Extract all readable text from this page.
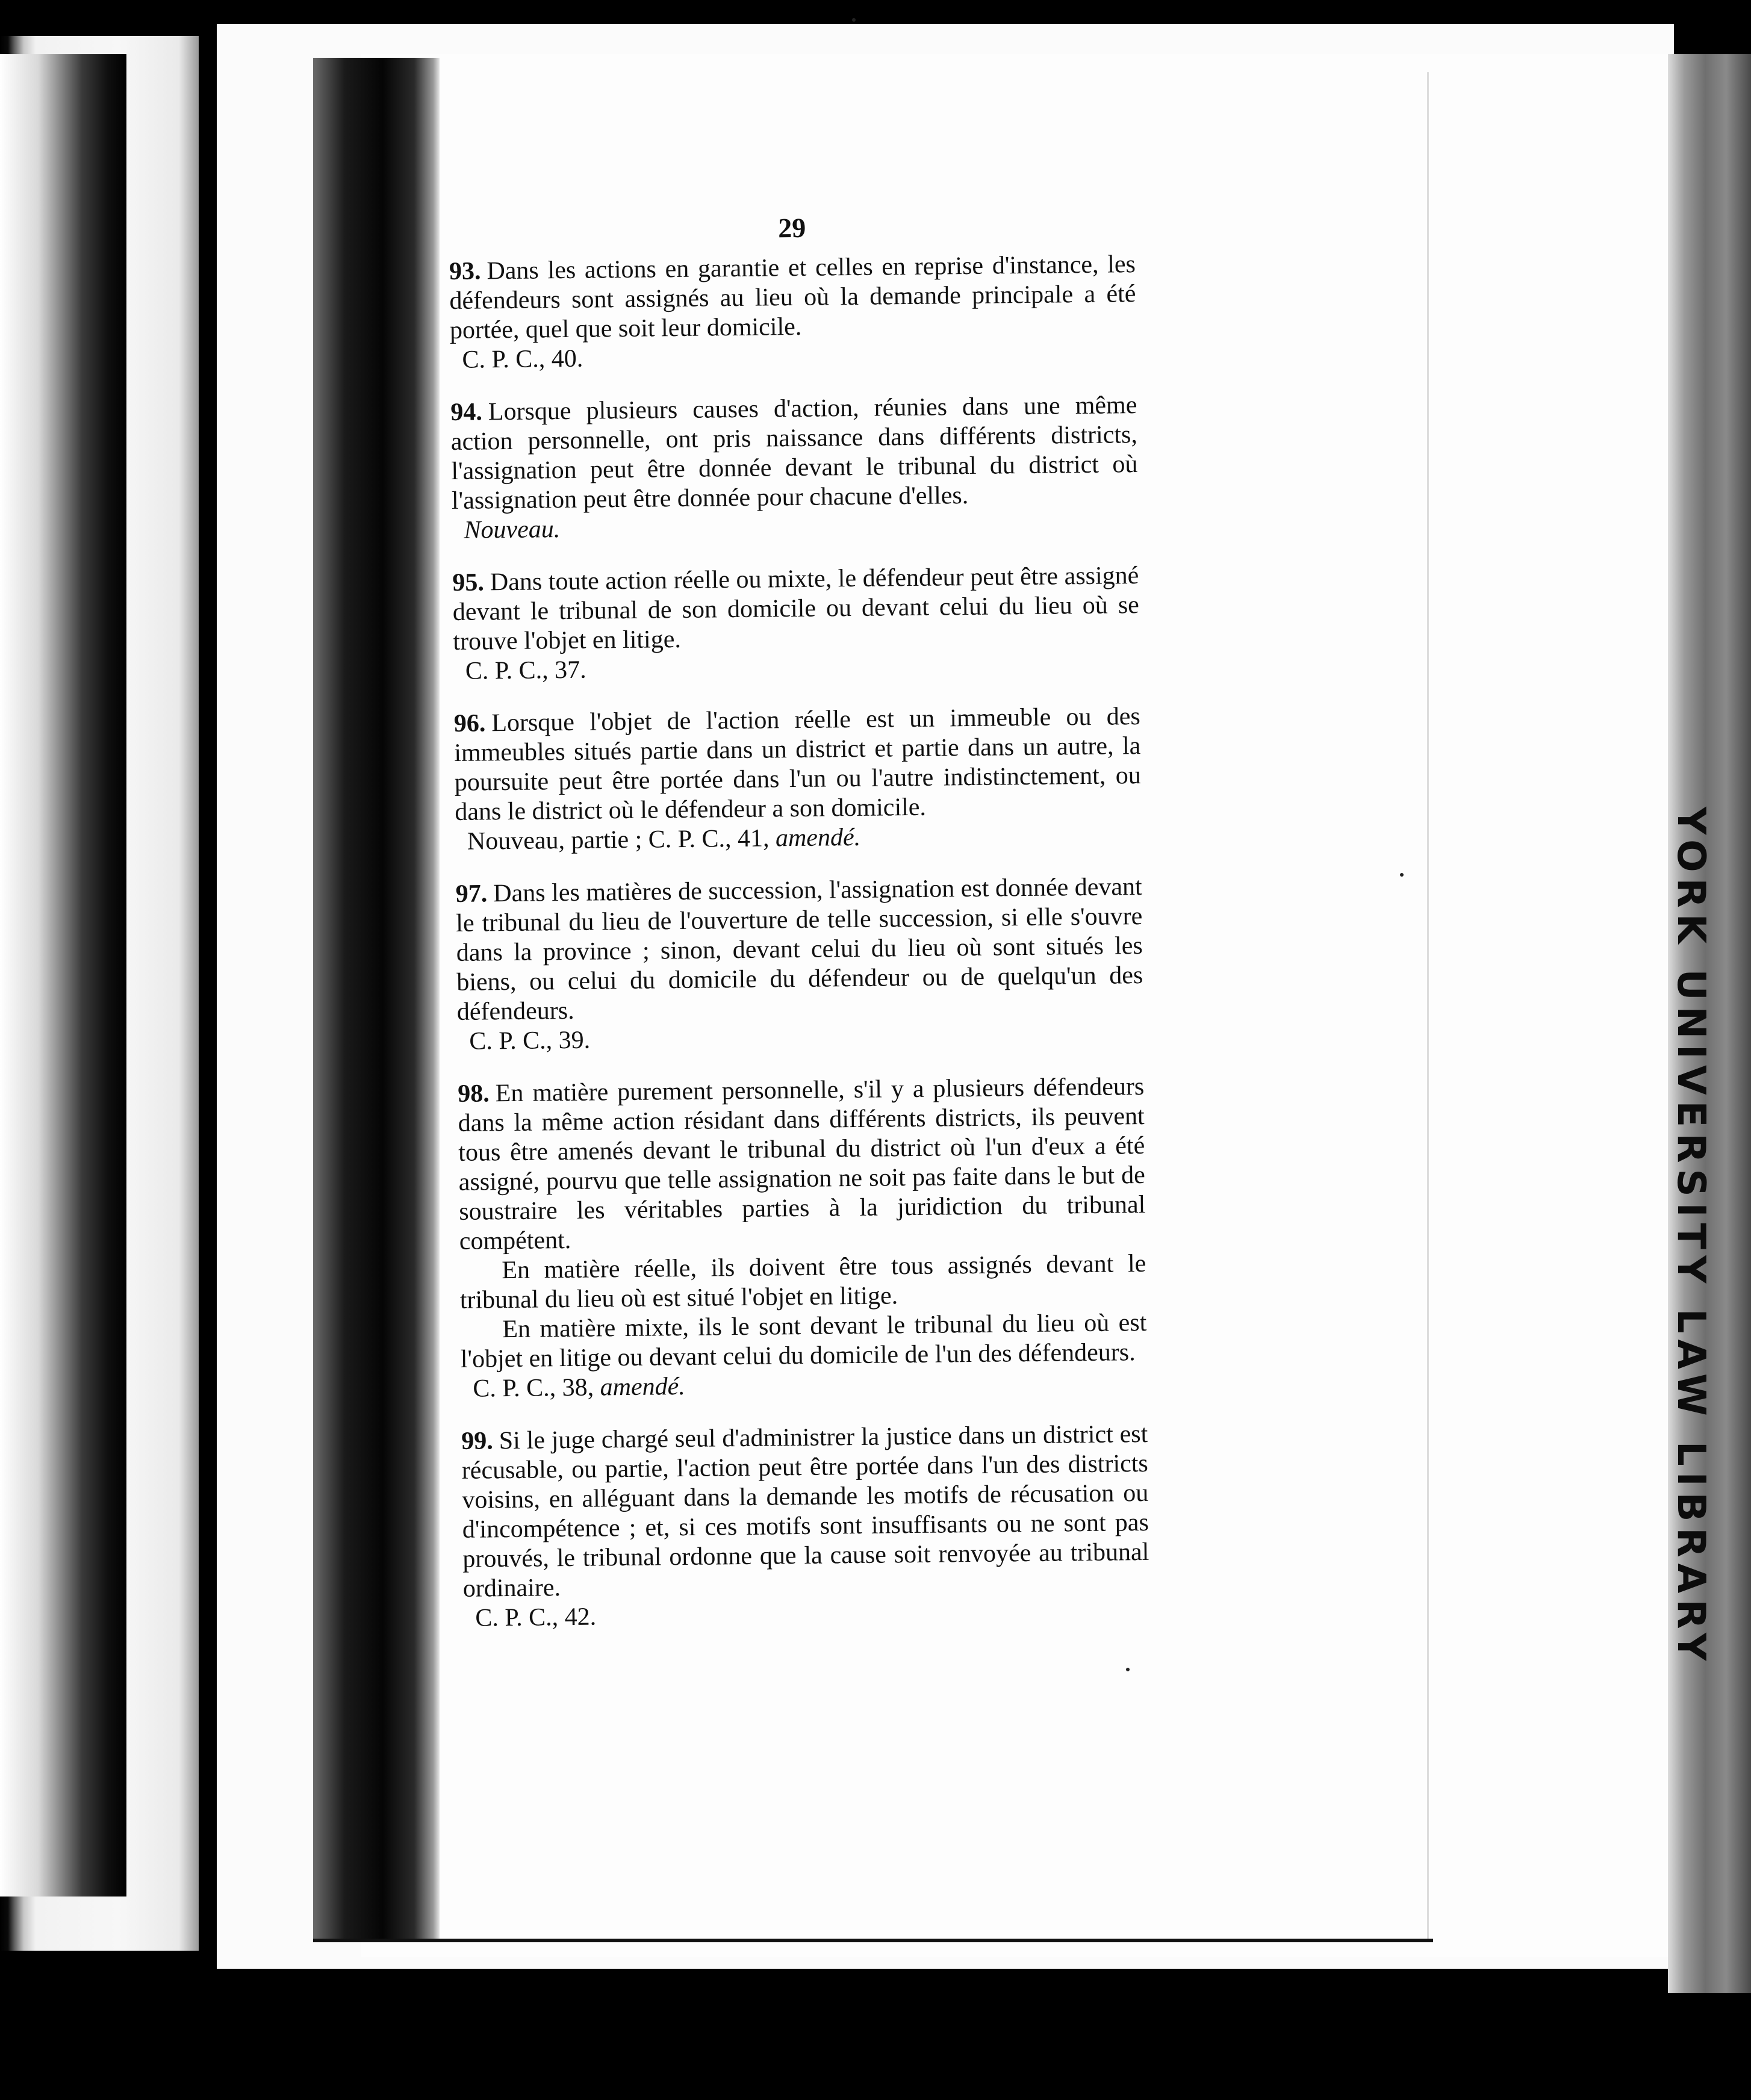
YORK UNIVERSITY LAW LIBRARY
29

93. Dans les actions en garantie et celles en reprise d'instance, les défendeurs sont assignés au lieu où la demande principale a été portée, quel que soit leur domicile.

C. P. C., 40.

94. Lorsque plusieurs causes d'action, réunies dans une même action personnelle, ont pris naissance dans différents districts, l'assignation peut être donnée devant le tribunal du district où l'assignation peut être donnée pour chacune d'elles.

Nouveau.

95. Dans toute action réelle ou mixte, le défendeur peut être assigné devant le tribunal de son domicile ou devant celui du lieu où se trouve l'objet en litige.

C. P. C., 37.

96. Lorsque l'objet de l'action réelle est un immeuble ou des immeubles situés partie dans un district et partie dans un autre, la poursuite peut être portée dans l'un ou l'autre indistinctement, ou dans le district où le défendeur a son domicile.

Nouveau, partie ; C. P. C., 41, amendé.

97. Dans les matières de succession, l'assignation est donnée devant le tribunal du lieu de l'ouverture de telle succession, si elle s'ouvre dans la province ; sinon, devant celui du lieu où sont situés les biens, ou celui du domicile du défendeur ou de quelqu'un des défendeurs.

C. P. C., 39.

98. En matière purement personnelle, s'il y a plusieurs défendeurs dans la même action résidant dans différents districts, ils peuvent tous être amenés devant le tribunal du district où l'un d'eux a été assigné, pourvu que telle assignation ne soit pas faite dans le but de soustraire les véritables parties à la juridiction du tribunal compétent.

En matière réelle, ils doivent être tous assignés devant le tribunal du lieu où est situé l'objet en litige.
En matière mixte, ils le sont devant le tribunal du lieu où est l'objet en litige ou devant celui du domicile de l'un des défendeurs.
C. P. C., 38, amendé.

99. Si le juge chargé seul d'administrer la justice dans un district est récusable, ou partie, l'action peut être portée dans l'un des districts voisins, en alléguant dans la demande les motifs de récusation ou d'incompétence ; et, si ces motifs sont insuffisants ou ne sont pas prouvés, le tribunal ordonne que la cause soit renvoyée au tribunal ordinaire.

C. P. C., 42.
